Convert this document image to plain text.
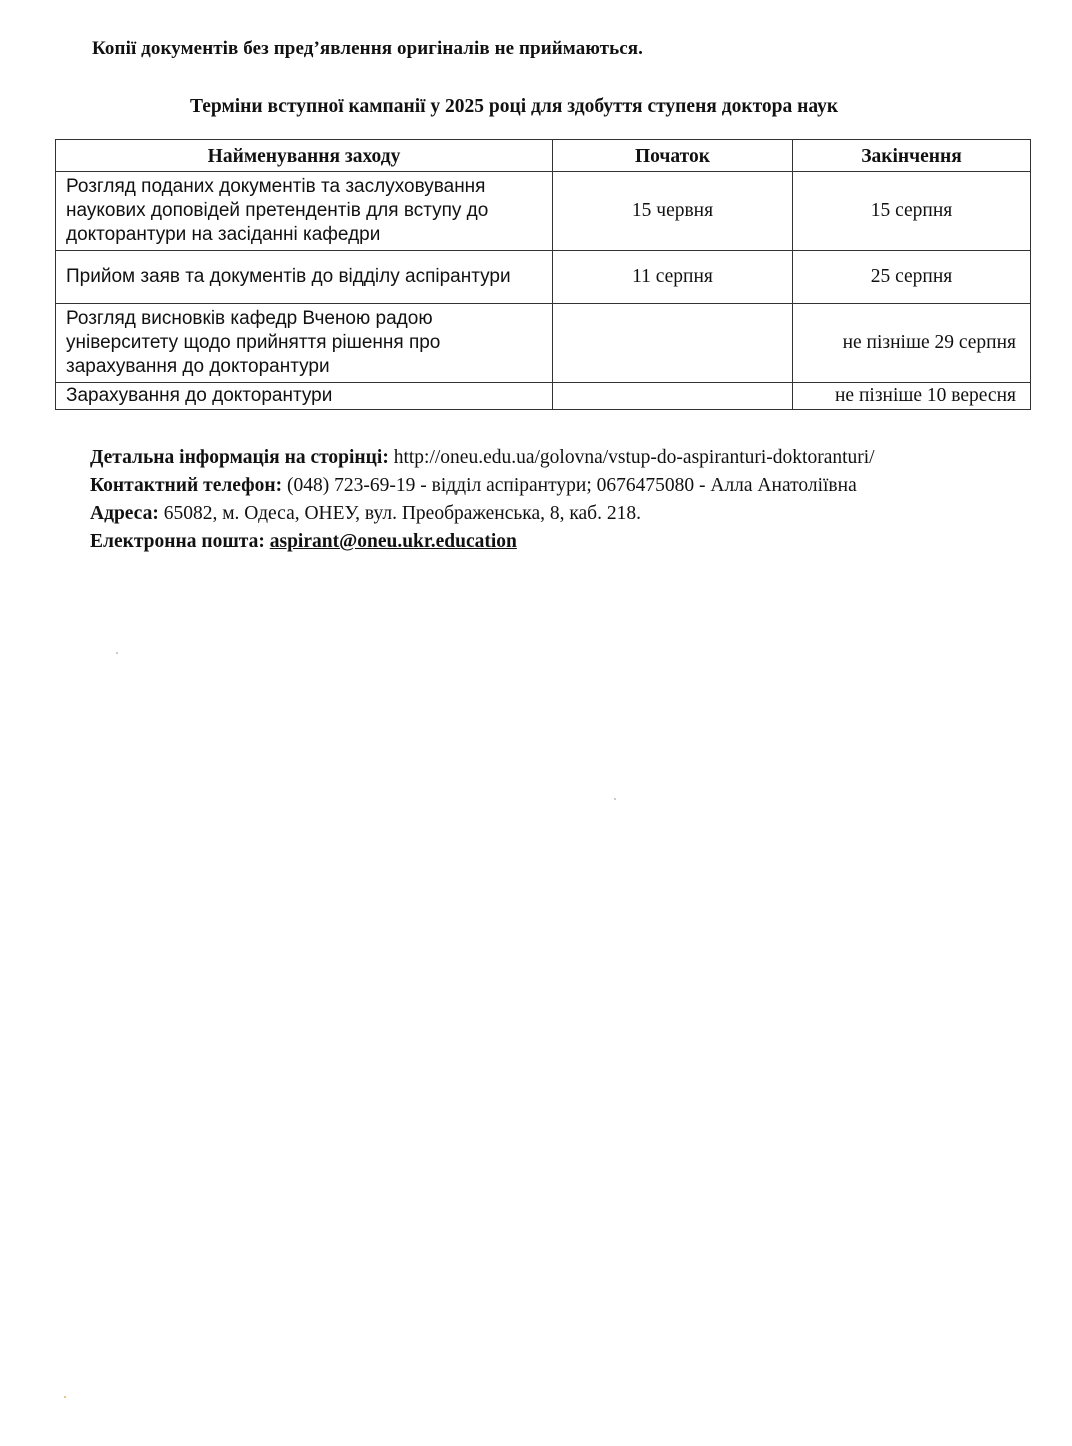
Копії документів без пред’явлення оригіналів не приймаються.
Терміни вступної кампанії у 2025 році для здобуття ступеня доктора наук
Найменування заходу	Початок	Закінчення
Розгляд поданих документів та заслуховування наукових доповідей претендентів для вступу до докторантури на засіданні кафедри	15 червня	15 серпня
Прийом заяв та документів до відділу аспірантури	11 серпня	25 серпня
Розгляд висновків кафедр Вченою радою університету щодо прийняття рішення про зарахування до докторантури		не пізніше 29 серпня
Зарахування до докторантури		не пізніше 10 вересня
Детальна інформація на сторінці: http://oneu.edu.ua/golovna/vstup-do-aspiranturi-doktoranturi/
Контактний телефон: (048) 723-69-19 - відділ аспірантури; 0676475080 - Алла Анатоліївна
Адреса: 65082, м. Одеса, ОНЕУ, вул. Преображенська, 8, каб. 218.
Електронна пошта: aspirant@oneu.ukr.education
